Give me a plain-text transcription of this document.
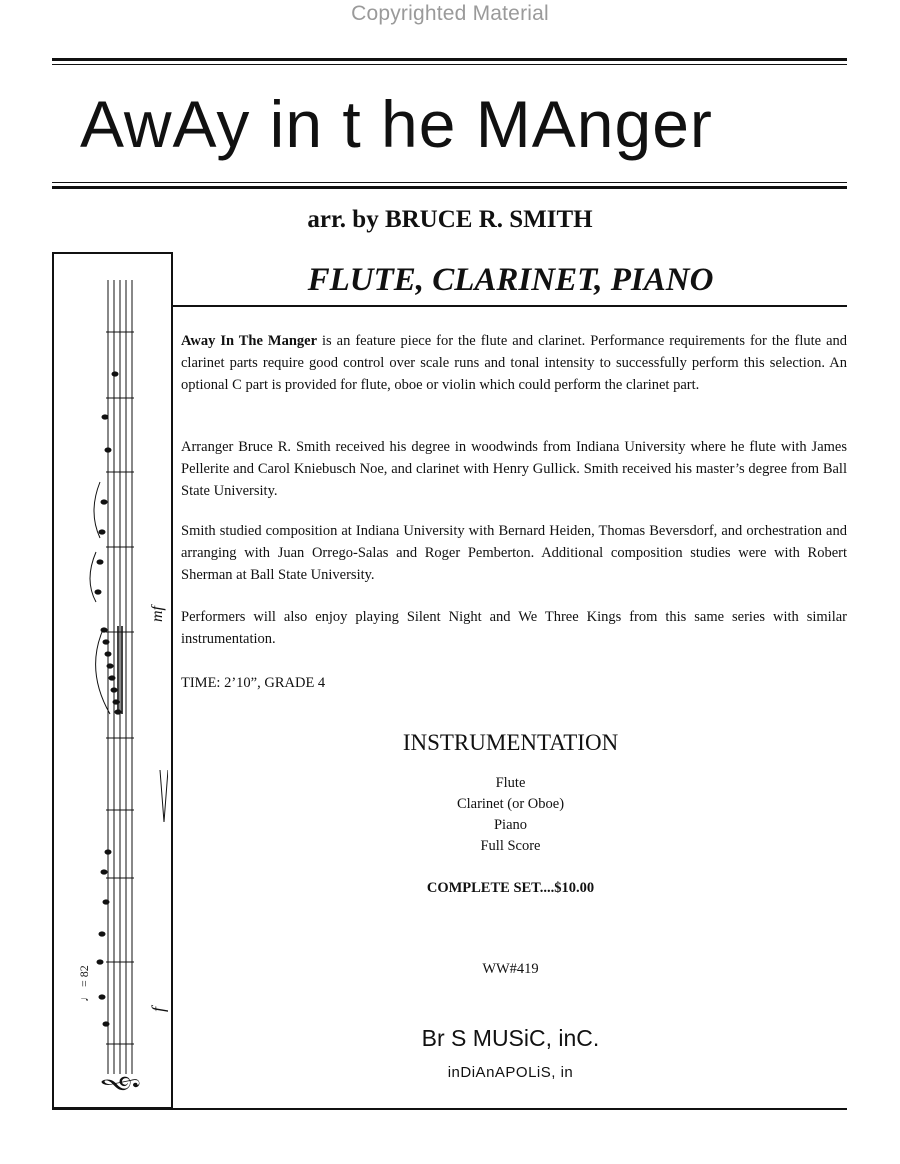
Copyrighted Material
AwAy in t he MAnger
arr. by BRUCE R. SMITH
mf
f
♩ = 82
𝄞
FLUTE, CLARINET, PIANO
Away In The Manger is an feature piece for the flute and clarinet. Performance requirements for the flute and clarinet parts require good control over scale runs and tonal intensity to successfully perform this selection. An optional C part is provided for flute, oboe or violin which could perform the clarinet part.
Arranger Bruce R. Smith received his degree in woodwinds from Indiana University where he flute with James Pellerite and Carol Kniebusch Noe, and clarinet with Henry Gullick. Smith received his master’s degree from Ball State University.
Smith studied composition at Indiana University with Bernard Heiden, Thomas Beversdorf, and orchestration and arranging with Juan Orrego-Salas and Roger Pemberton. Additional composition studies were with Robert Sherman at Ball State University.
Performers will also enjoy playing Silent Night and We Three Kings from this same series with similar instrumentation.
TIME: 2’10”, GRADE 4
INSTRUMENTATION
Flute
Clarinet (or Oboe)
Piano
Full Score
COMPLETE SET....$10.00
WW#419
Br S MUSiC, inC.
inDiAnAPOLiS, in
